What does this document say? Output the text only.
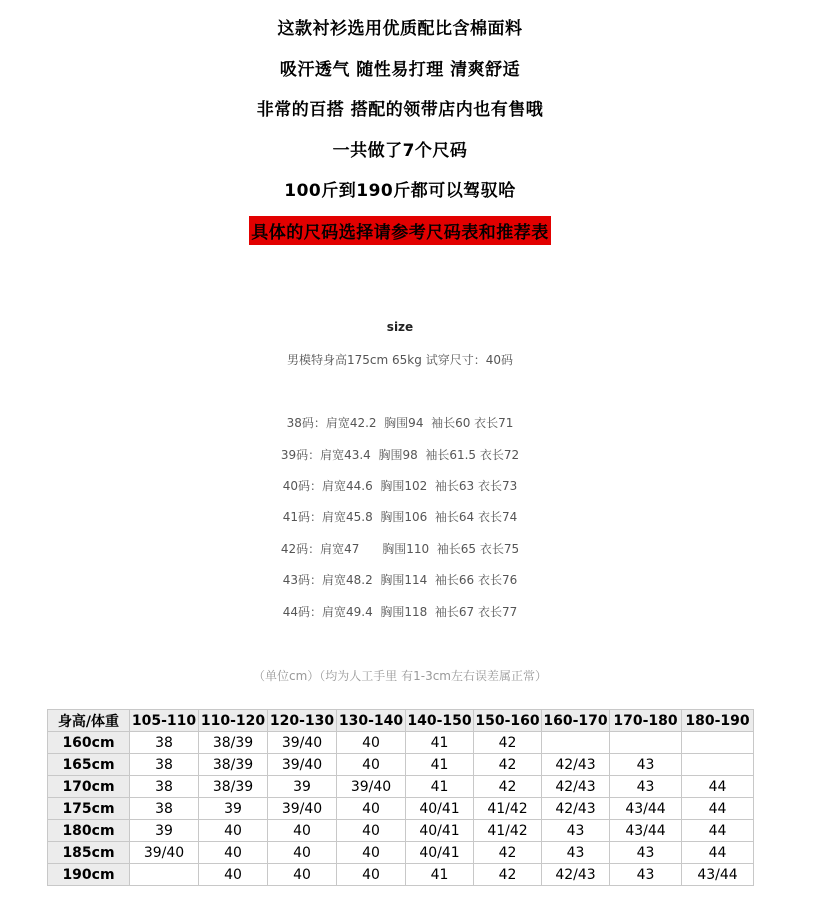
这款衬衫选用优质配比含棉面料
吸汗透气 随性易打理 清爽舒适
非常的百搭 搭配的领带店内也有售哦
一共做了7个尺码
100斤到190斤都可以驾驭哈
具体的尺码选择请参考尺码表和推荐表
size
男模特身高175cm 65kg 试穿尺寸：40码
38码：肩宽42.2  胸围94  袖长60 衣长71
39码：肩宽43.4  胸围98  袖长61.5 衣长72
40码：肩宽44.6  胸围102  袖长63 衣长73
41码：肩宽45.8  胸围106  袖长64 衣长74
42码：肩宽47      胸围110  袖长65 衣长75
43码：肩宽48.2  胸围114  袖长66 衣长76
44码：肩宽49.4  胸围118  袖长67 衣长77
（单位cm）（均为人工手里 有1-3cm左右误差属正常）
身高/体重	105-110	110-120	120-130	130-140	140-150	150-160	160-170	170-180	180-190
160cm	38	38/39	39/40	40	41	42			
165cm	38	38/39	39/40	40	41	42	42/43	43	
170cm	38	38/39	39	39/40	41	42	42/43	43	44
175cm	38	39	39/40	40	40/41	41/42	42/43	43/44	44
180cm	39	40	40	40	40/41	41/42	43	43/44	44
185cm	39/40	40	40	40	40/41	42	43	43	44
190cm		40	40	40	41	42	42/43	43	43/44
